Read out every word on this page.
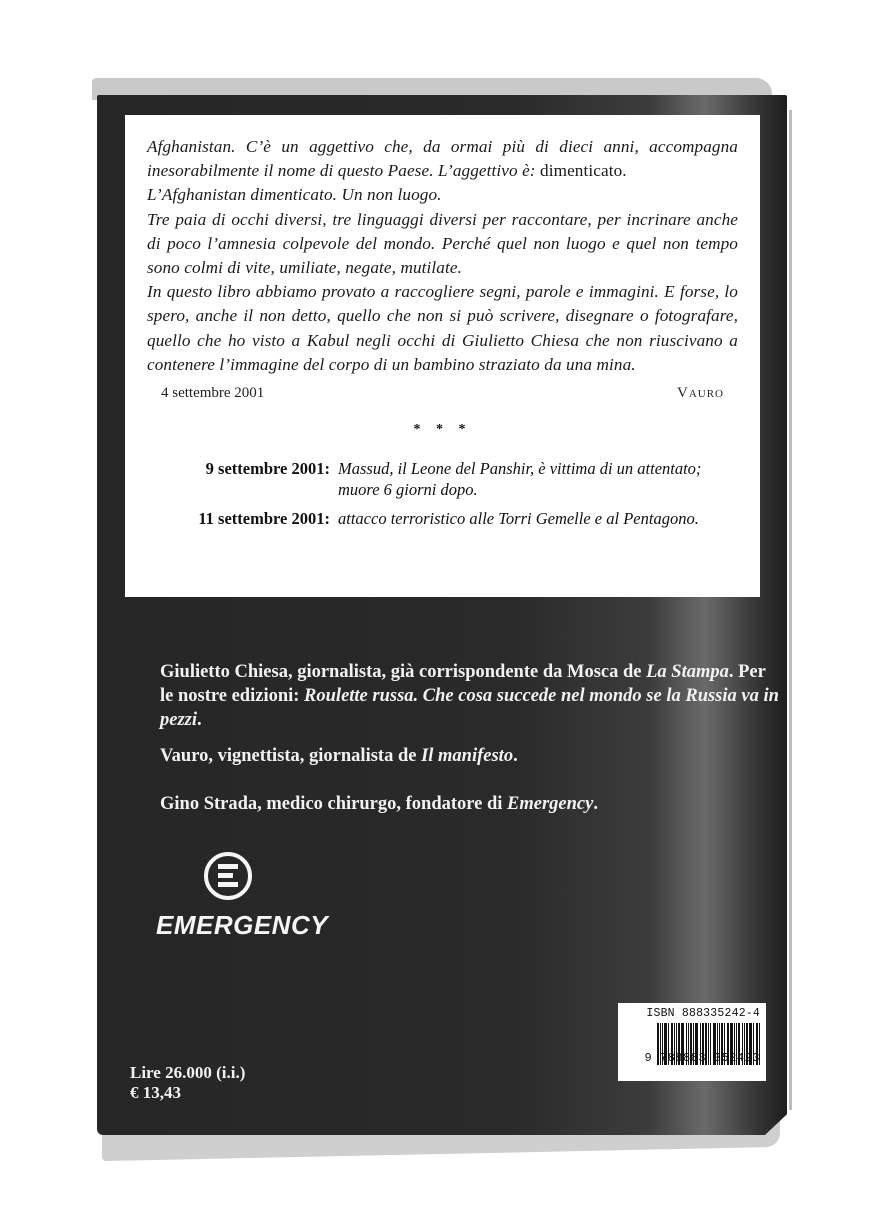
Afghanistan. C’è un aggettivo che, da ormai più di dieci anni, accompagna inesorabilmente il nome di questo Paese. L’aggettivo è: dimenticato.

L’Afghanistan dimenticato. Un non luogo.

Tre paia di occhi diversi, tre linguaggi diversi per raccontare, per incrinare anche di poco l’amnesia colpevole del mondo. Perché quel non luogo e quel non tempo sono colmi di vite, umiliate, negate, mutilate.

In questo libro abbiamo provato a raccogliere segni, parole e immagini. E forse, lo spero, anche il non detto, quello che non si può scrivere, disegnare o fotografare, quello che ho visto a Kabul negli occhi di Giulietto Chiesa che non riuscivano a contenere l’immagine del corpo di un bambino straziato da una mina.

4 settembre 2001	Vauro
* * *
9 settembre 2001: Massud, il Leone del Panshir, è vittima di un attentato; muore 6 giorni dopo.
11 settembre 2001: attacco terroristico alle Torri Gemelle e al Pentagono.

Giulietto Chiesa, giornalista, già corrispondente da Mosca de La Stampa. Per le nostre edizioni: Roulette russa. Che cosa succede nel mondo se la Russia va in pezzi.

Vauro, vignettista, giornalista de Il manifesto.

Gino Strada, medico chirurgo, fondatore di Emergency.

EMERGENCY
Lire 26.000 (i.i.)
€ 13,43
ISBN 888335242-4
9 788883 352423
